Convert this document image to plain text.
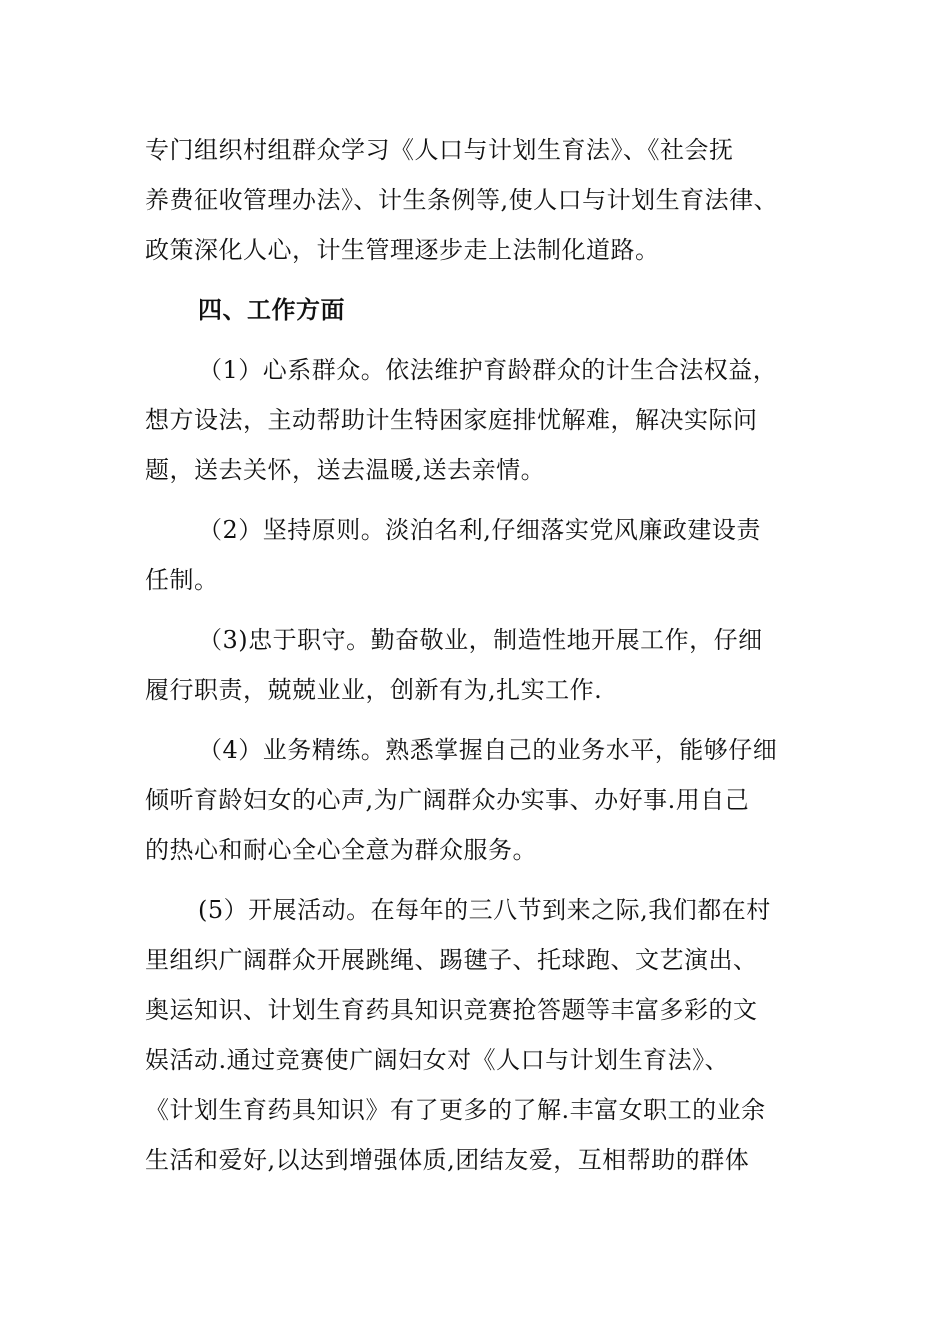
专门组织村组群众学习《人口与计划生育法》、《社会抚
养费征收管理办法》、计生条例等,使人口与计划生育法律、
政策深化人心，计生管理逐步走上法制化道路。
四、工作方面
（1）心系群众。依法维护育龄群众的计生合法权益，
想方设法，主动帮助计生特困家庭排忧解难，解决实际问
题，送去关怀，送去温暖,送去亲情。
（2）坚持原则。淡泊名利,仔细落实党风廉政建设责
任制。
（3)忠于职守。勤奋敬业，制造性地开展工作，仔细
履行职责，兢兢业业，创新有为,扎实工作.
（4）业务精练。熟悉掌握自己的业务水平，能够仔细
倾听育龄妇女的心声,为广阔群众办实事、办好事.用自己
的热心和耐心全心全意为群众服务。
(5）开展活动。在每年的三八节到来之际,我们都在村
里组织广阔群众开展跳绳、踢毽子、托球跑、文艺演出、
奥运知识、计划生育药具知识竞赛抢答题等丰富多彩的文
娱活动.通过竞赛使广阔妇女对《人口与计划生育法》、
《计划生育药具知识》有了更多的了解.丰富女职工的业余
生活和爱好,以达到增强体质,团结友爱，互相帮助的群体
